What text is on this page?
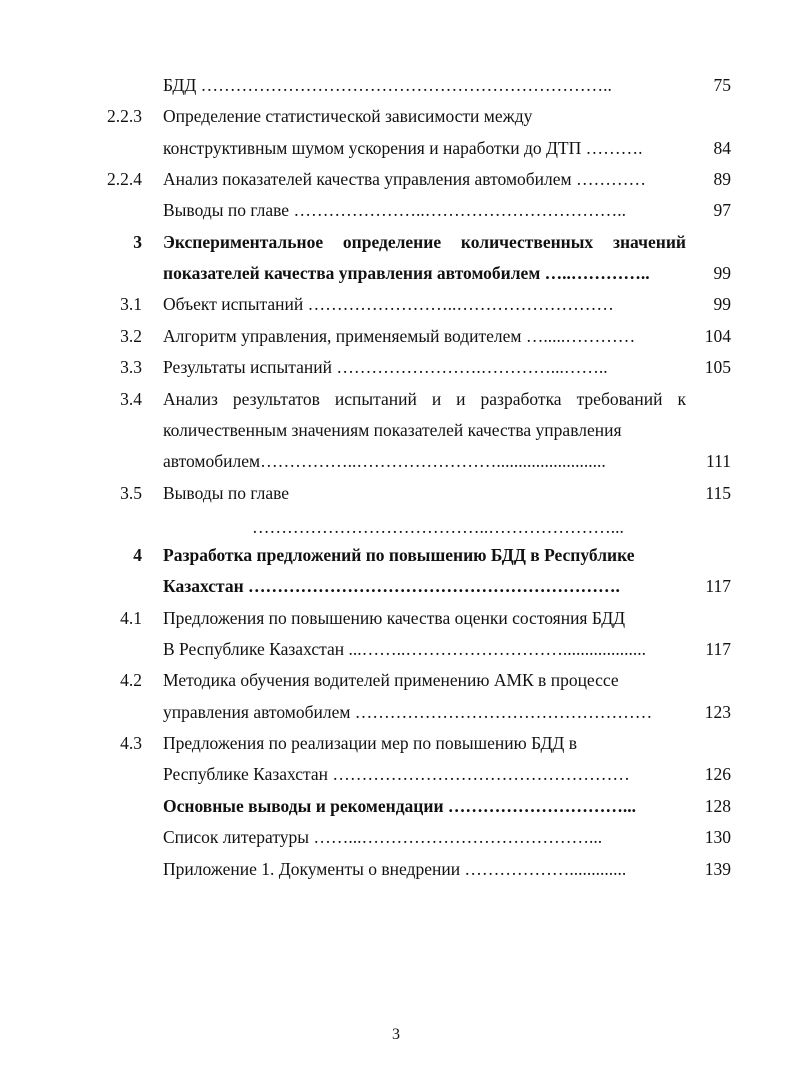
БДД ……………………………………………………………..	75
2.2.3 Определение статистической зависимости между
конструктивным шумом ускорения и наработки до ДТП ……….	84
2.2.4 Анализ показателей качества управления автомобилем …………	89
Выводы по главе …………………..……………………………..	97
3 Экспериментальное определение количественных значений
показателей качества управления автомобилем …..…………..	99
3.1 Объект испытаний ……………………..………………………	99
3.2 Алгоритм управления, применяемый водителем ….....…………	104
3.3 Результаты испытаний …………………….…………...……..	105
3.4 Анализ результатов испытаний и и разработка требований к
количественным значениям показателей качества управления
автомобилем……………..…………………….........................	111
3.5 Выводы по главе	115
…………………………………..…………………...
4 Разработка предложений по повышению БДД в Республике
Казахстан ……………………………………………………….	117
4.1 Предложения по повышению качества оценки состояния БДД
В Республике Казахстан ...……..………………………...................	117
4.2 Методика обучения водителей применению АМК в процессе
управления автомобилем ……………………………………………	123
4.3 Предложения по реализации мер по повышению БДД в
Республике Казахстан ……………………………………………	126
Основные выводы и рекомендации …………………………...	128
Список литературы ……...…………………………………...	130
Приложение 1. Документы о внедрении ……………….............	139
3
